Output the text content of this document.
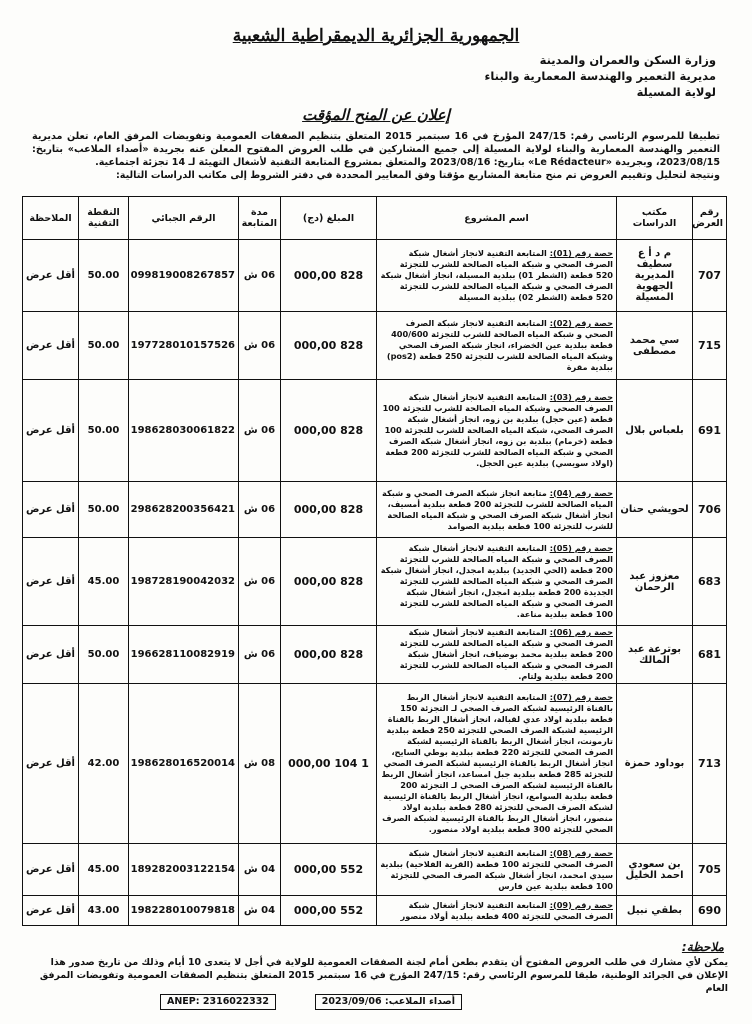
الجمهورية الجزائرية الديمقراطية الشعبية
وزارة السكن والعمران والمدينة
مديرية التعمير والهندسة المعمارية والبناء
لولاية المسيلة
إعلان عن المنح المؤقت
تطبيقا للمرسوم الرئاسي رقم: 247/15 المؤرخ في 16 سبتمبر 2015 المتعلق بتنظيم الصفقات العمومية وتفويضات المرفق العام، تعلن مديرية التعمير والهندسة المعمارية والبناء لولاية المسيلة إلى جميع المشاركين في طلب العروض المفتوح المعلن عنه بجريدة «أصداء الملاعب» بتاريخ: 2023/08/15، وبجريدة «Le Rédacteur» بتاريخ: 2023/08/16 والمتعلق بمشروع المتابعة التقنية لأشغال التهيئة لـ 14 تجزئة اجتماعية.
ونتيجة لتحليل وتقييم العروض تم منح متابعة المشاريع مؤقتا وفق المعايير المحددة في دفتر الشروط إلى مكاتب الدراسات التالية:
رقم العرض	مكتب الدراسات	اسم المشروع	المبلغ (دج)	مدة المتابعة	الرقم الجبائي	النقطة التقنية	الملاحظة
707	م د أ ع سطيف المديرية الجهوية المسيلة	حصة رقم (01): المتابعة التقنية لانجاز أشغال شبكة الصرف الصحي و شبكة المياه الصالحة للشرب للتجزئة 520 قطعة (الشطر 01) ببلدية المسيلة، انجاز أشغال شبكة الصرف الصحي و شبكة المياه الصالحة للشرب للتجزئة 520 قطعة (الشطر 02) ببلدية المسيلة	828 000,00	06 ش	099819008267857	50.00	أقل عرض
715	سي محمد مصطفى	حصة رقم (02): المتابعة التقنية لانجاز شبكة الصرف الصحي و شبكة المياه الصالحة للشرب للتجزئة 400/600 قطعة ببلدية عين الخضراء، انجاز شبكة الصرف الصحي وشبكة المياه الصالحة للشرب للتجزئة 250 قطعة (pos2) ببلدية مقرة	828 000,00	06 ش	197728010157526	50.00	أقل عرض
691	بلعباس بلال	حصة رقم (03): المتابعة التقنية لانجاز أشغال شبكة الصرف الصحي وشبكة المياه الصالحة للشرب للتجزئة 100 قطعة (عين حجل) ببلدية بن زوه، انجاز أشغال شبكة الصرف الصحي، شبكة المياه الصالحة للشرب للتجزئة 100 قطعة (خرمام) ببلدية بن زوه، انجاز أشغال شبكة الصرف الصحي و شبكة المياه الصالحة للشرب للتجزئة 200 قطعة (اولاد سويسي) ببلدية عين الحجل.	828 000,00	06 ش	198628030061822	50.00	أقل عرض
706	لحويشي حنان	حصة رقم (04): متابعة انجاز شبكة الصرف الصحي و شبكة المياه الصالحة للشرب للتجزئة 200 قطعة ببلدية أمسيف، انجاز أشغال شبكة الصرف الصحي و شبكة المياه الصالحة للشرب للتجزئة 100 قطعة ببلدية الصوامد	828 000,00	06 ش	298628200356421	50.00	أقل عرض
683	معزوز عبد الرحمان	حصة رقم (05): المتابعة التقنية لانجاز أشغال شبكة الصرف الصحي و شبكة المياه الصالحة للشرب للتجزئة 200 قطعة (الحي الجديد) ببلدية امجدل، انجاز أشغال شبكة الصرف الصحي و شبكة المياه الصالحة للشرب للتجزئة الجديدة 200 قطعة ببلدية امجدل، انجاز أشغال شبكة الصرف الصحي و شبكة المياه الصالحة للشرب للتجزئة 100 قطعة ببلدية مناعة.	828 000,00	06 ش	198728190042032	45.00	أقل عرض
681	بوترعة عبد المالك	حصة رقم (06): المتابعة التقنية لانجاز أشغال شبكة الصرف الصحي و شبكة المياه الصالحة للشرب للتجزئة 200 قطعة ببلدية محمد بوضياف، انجاز أشغال شبكة الصرف الصحي و شبكة المياه الصالحة للشرب للتجزئة 200 قطعة ببلدية ولتام.	828 000,00	06 ش	196628110082919	50.00	أقل عرض
713	بوداود حمزة	حصة رقم (07): المتابعة التقنية لانجاز أشغال الربط بالقناة الرئيسية لشبكة الصرف الصحي لـ التجزئة 150 قطعة ببلدية اولاد عدي لقبالة، انجاز أشغال الربط بالقناة الرئيسية لشبكة الصرف الصحي للتجزئة 250 قطعة ببلدية تارمونت، انجاز أشغال الربط بالقناة الرئيسية لشبكة الصرف الصحي للتجزئة 220 قطعة ببلدية بوطي السايح، انجاز أشغال الربط بالقناة الرئيسية لشبكة الصرف الصحي للتجزئة 285 قطعة ببلدية جبل امساعد، انجاز أشغال الربط بالقناة الرئيسية لشبكة الصرف الصحي لـ التجزئة 200 قطعة ببلدية السوامع، انجاز أشغال الربط بالقناة الرئيسية لشبكة الصرف الصحي للتجزئة 280 قطعة ببلدية اولاد منصور، انجاز أشغال الربط بالقناة الرئيسية لشبكة الصرف الصحي للتجزئة 300 قطعة ببلدية اولاد منصور.	1 104 000,00	08 ش	198628016520014	42.00	أقل عرض
705	بن سعودي احمد الخليل	حصة رقم (08): المتابعة التقنية لانجاز أشغال شبكة الصرف الصحي للتجزئة 100 قطعة (القرية الفلاحية) ببلدية سيدي امحمد، انجاز أشغال شبكة الصرف الصحي للتجزئة 100 قطعة ببلدية عين فارس	552 000,00	04 ش	189282003122154	45.00	أقل عرض
690	بطقي نبيل	حصة رقم (09): المتابعة التقنية لانجاز أشغال شبكة الصرف الصحي للتجزئة 400 قطعة ببلدية أولاد منصور	552 000,00	04 ش	198228010079818	43.00	أقل عرض
ملاحظة:
يمكن لأي مشارك في طلب العروض المفتوح أن يتقدم بطعن أمام لجنة الصفقات العمومية للولاية في أجل لا يتعدى 10 أيام وذلك من تاريخ صدور هذا الإعلان في الجرائد الوطنية، طبقا للمرسوم الرئاسي رقم: 247/15 المؤرخ في 16 سبتمبر 2015 المتعلق بتنظيم الصفقات العمومية وتفويضات المرفق العام
أصداء الملاعب: 2023/09/06
ANEP: 2316022332
